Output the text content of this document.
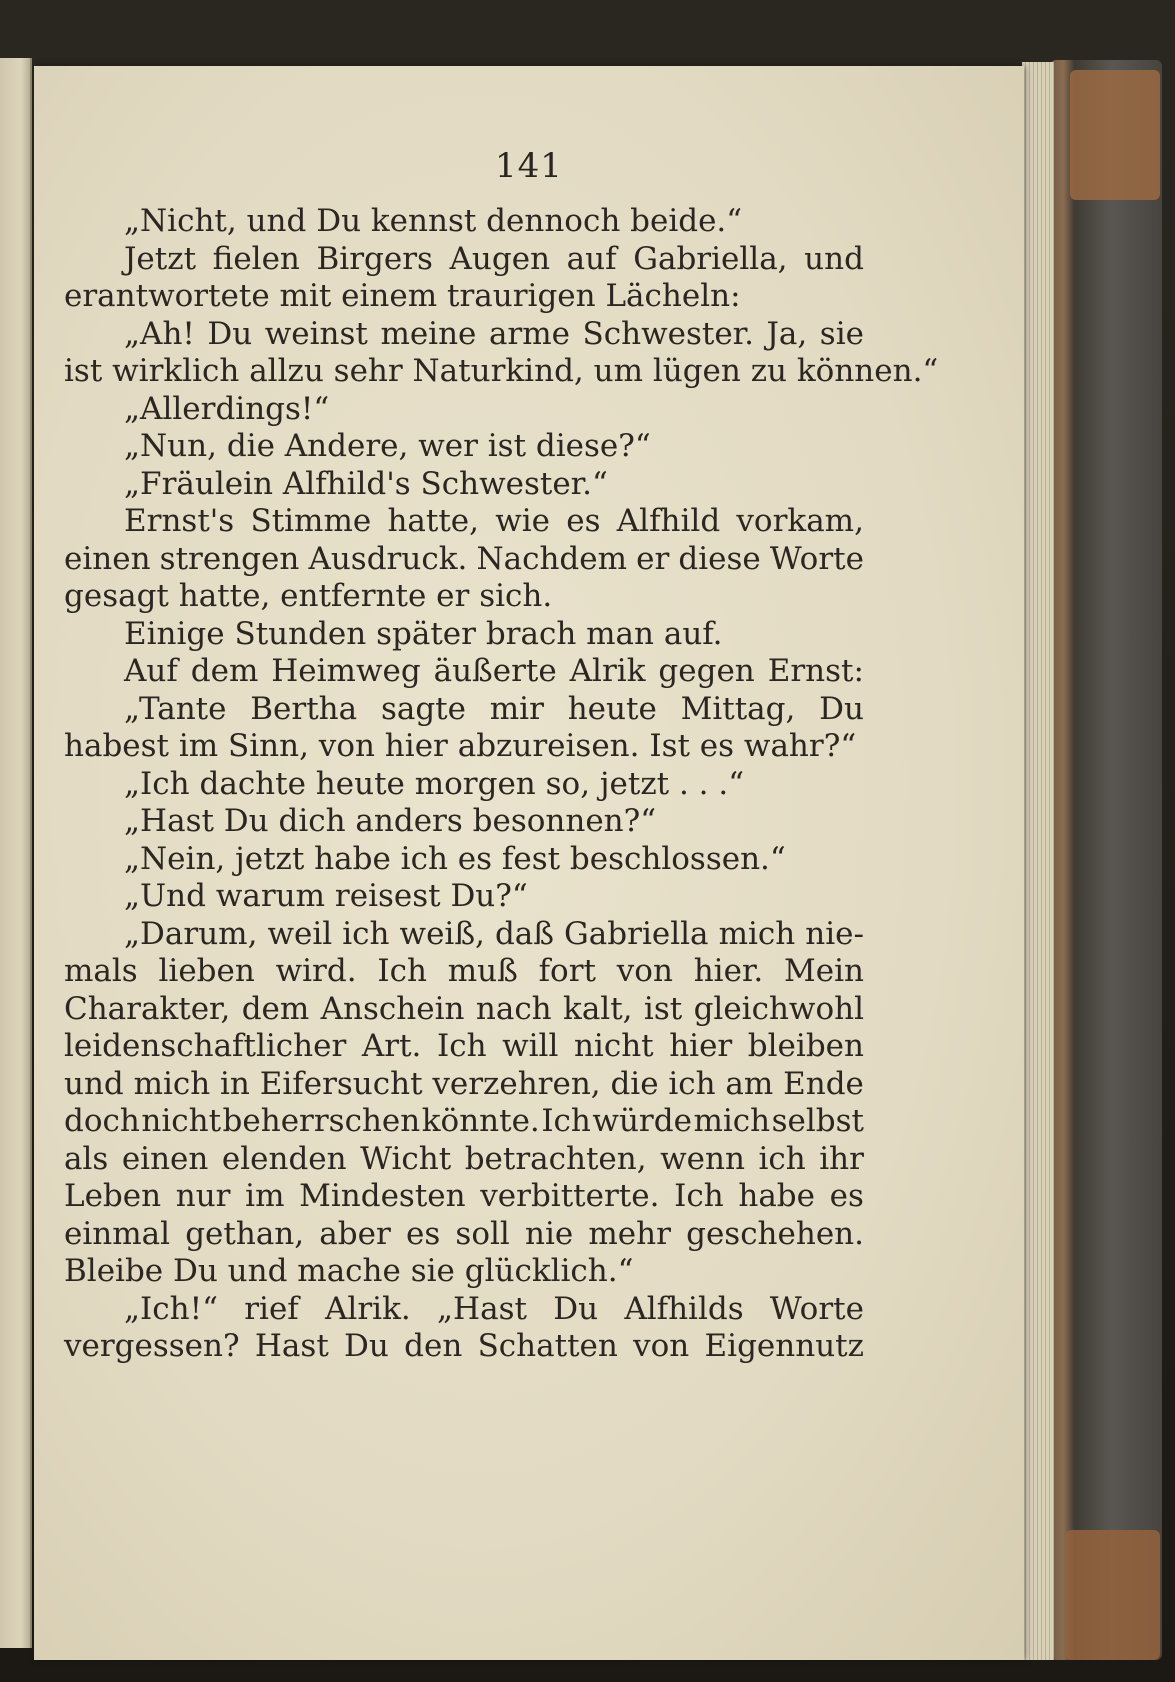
141
„Nicht, und Du kennst dennoch beide.“
Jetzt fielen Birgers Augen auf Gabriella, und
erantwortete mit einem traurigen Lächeln:
„Ah! Du weinst meine arme Schwester. Ja, sie
ist wirklich allzu sehr Naturkind, um lügen zu können.“
„Allerdings!“
„Nun, die Andere, wer ist diese?“
„Fräulein Alfhild's Schwester.“
Ernst's Stimme hatte, wie es Alfhild vorkam,
einen strengen Ausdruck. Nachdem er diese Worte
gesagt hatte, entfernte er sich.
Einige Stunden später brach man auf.
Auf dem Heimweg äußerte Alrik gegen Ernst:
„Tante Bertha sagte mir heute Mittag, Du
habest im Sinn, von hier abzureisen. Ist es wahr?“
„Ich dachte heute morgen so, jetzt . . .“
„Hast Du dich anders besonnen?“
„Nein, jetzt habe ich es fest beschlossen.“
„Und warum reisest Du?“
„Darum, weil ich weiß, daß Gabriella mich nie-
mals lieben wird. Ich muß fort von hier. Mein
Charakter, dem Anschein nach kalt, ist gleichwohl
leidenschaftlicher Art. Ich will nicht hier bleiben
und mich in Eifersucht verzehren, die ich am Ende
doch nicht beherrschen könnte. Ich würde mich selbst
als einen elenden Wicht betrachten, wenn ich ihr
Leben nur im Mindesten verbitterte. Ich habe es
einmal gethan, aber es soll nie mehr geschehen.
Bleibe Du und mache sie glücklich.“
„Ich!“ rief Alrik. „Hast Du Alfhilds Worte
vergessen? Hast Du den Schatten von Eigennutz
